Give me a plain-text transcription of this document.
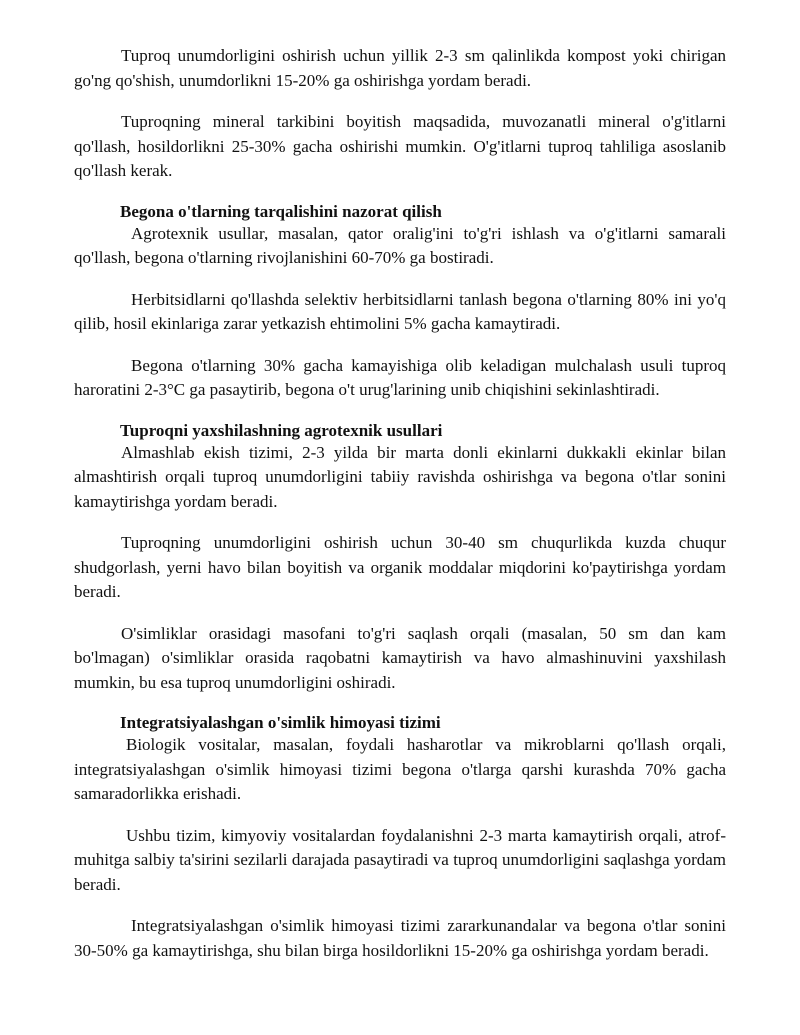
Tuproq unumdorligini oshirish uchun yillik 2-3 sm qalinlikda kompost yoki chirigan go'ng qo'shish, unumdorlikni 15-20% ga oshirishga yordam beradi.

Tuproqning mineral tarkibini boyitish maqsadida, muvozanatli mineral o'g'itlarni qo'llash, hosildorlikni 25-30% gacha oshirishi mumkin. O'g'itlarni tuproq tahliliga asoslanib qo'llash kerak.

Begona o'tlarning tarqalishini nazorat qilish

Agrotexnik usullar, masalan, qator oralig'ini to'g'ri ishlash va o'g'itlarni samarali qo'llash, begona o'tlarning rivojlanishini 60-70% ga bostiradi.

Herbitsidlarni qo'llashda selektiv herbitsidlarni tanlash begona o'tlarning 80% ini yo'q qilib, hosil ekinlariga zarar yetkazish ehtimolini 5% gacha kamaytiradi.

Begona o'tlarning 30% gacha kamayishiga olib keladigan mulchalash usuli tuproq haroratini 2-3°C ga pasaytirib, begona o't urug'larining unib chiqishini sekinlashtiradi.

Tuproqni yaxshilashning agrotexnik usullari

Almashlab ekish tizimi, 2-3 yilda bir marta donli ekinlarni dukkakli ekinlar bilan almashtirish orqali tuproq unumdorligini tabiiy ravishda oshirishga va begona o'tlar sonini kamaytirishga yordam beradi.

Tuproqning unumdorligini oshirish uchun 30-40 sm chuqurlikda kuzda chuqur shudgorlash, yerni havo bilan boyitish va organik moddalar miqdorini ko'paytirishga yordam beradi.

O'simliklar orasidagi masofani to'g'ri saqlash orqali (masalan, 50 sm dan kam bo'lmagan) o'simliklar orasida raqobatni kamaytirish va havo almashinuvini yaxshilash mumkin, bu esa tuproq unumdorligini oshiradi.

Integratsiyalashgan o'simlik himoyasi tizimi

Biologik vositalar, masalan, foydali hasharotlar va mikroblarni qo'llash orqali, integratsiyalashgan o'simlik himoyasi tizimi begona o'tlarga qarshi kurashda 70% gacha samaradorlikka erishadi.

Ushbu tizim, kimyoviy vositalardan foydalanishni 2-3 marta kamaytirish orqali, atrof-muhitga salbiy ta'sirini sezilarli darajada pasaytiradi va tuproq unumdorligini saqlashga yordam beradi.

Integratsiyalashgan o'simlik himoyasi tizimi zararkunandalar va begona o'tlar sonini 30-50% ga kamaytirishga, shu bilan birga hosildorlikni 15-20% ga oshirishga yordam beradi.
